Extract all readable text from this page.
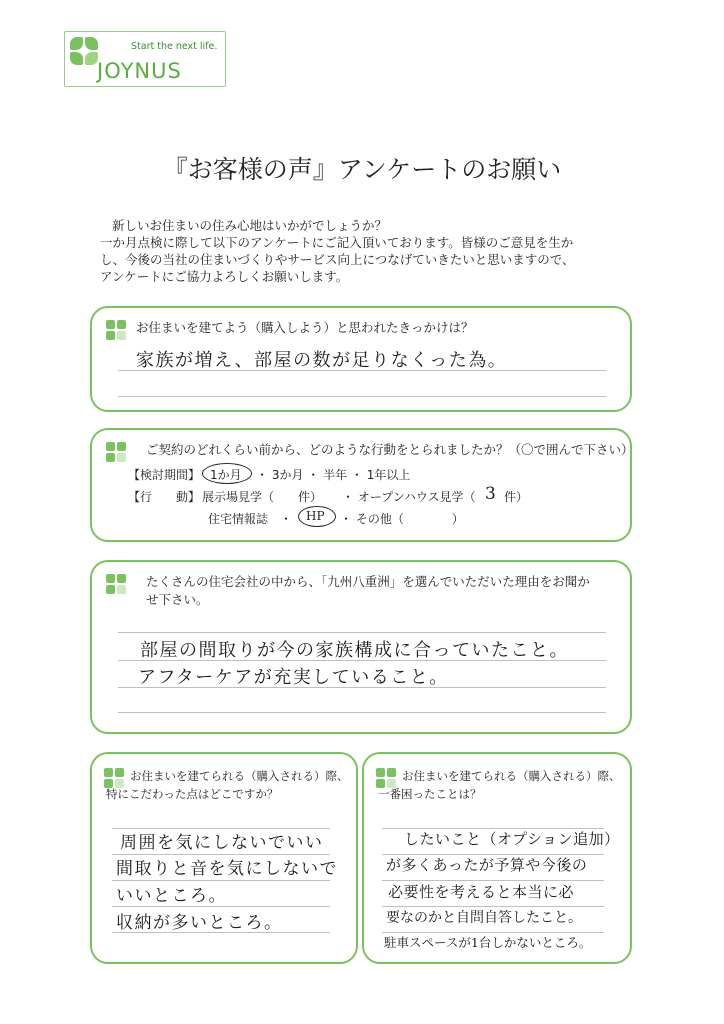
Start the next life.
JOYNUS
『お客様の声』アンケートのお願い

新しいお住まいの住み心地はいかがでしょうか？

一か月点検に際して以下のアンケートにご記入頂いております。皆様のご意見を生か

し、今後の当社の住まいづくりやサービス向上につなげていきたいと思いますので、

アンケートにご協力よろしくお願いします。

お住まいを建てよう（購入しよう）と思われたきっかけは？
家族が増え、部屋の数が足りなくった為。
ご契約のどれくらい前から、どのような行動をとられましたか？（〇で囲んで下さい）
【検討期間】 1か月 ・ 3か月 ・ 半年 ・ 1年以上
【行　　動】 展示場見学（　　件） ・ オープンハウス見学（ 3 件）
住宅情報誌　・ HP ・ その他（　　　　）
たくさんの住宅会社の中から、「九州八重洲」を選んでいただいた理由をお聞か
せ下さい。
部屋の間取りが今の家族構成に合っていたこと。
アフターケアが充実していること。
お住まいを建てられる（購入される）際、
特にこだわった点はどこですか？
周囲を気にしないでいい
間取りと音を気にしないで
いいところ。
収納が多いところ。
お住まいを建てられる（購入される）際、
一番困ったことは？
したいこと（オプション追加）
が多くあったが予算や今後の
必要性を考えると本当に必
要なのかと自問自答したこと。
駐車スペースが1台しかないところ。
